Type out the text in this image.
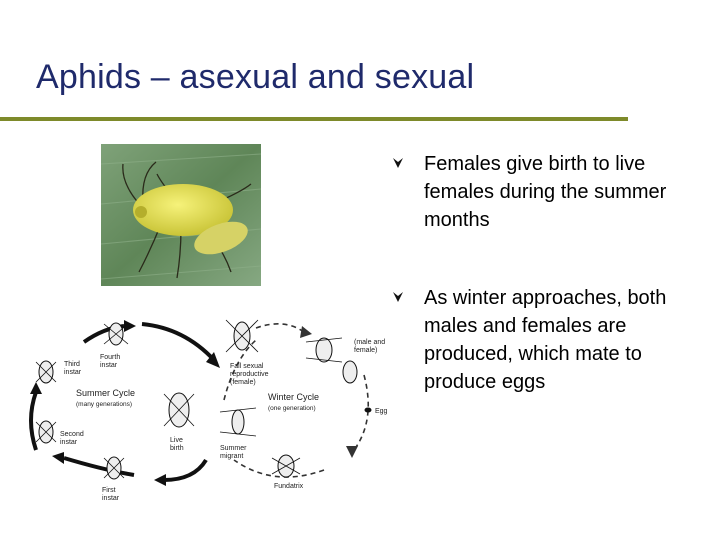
Aphids – asexual and sexual
Summer Cycle
(many generations)
Winter Cycle
(one generation)
Fourth
instar
Third
instar
Second
instar
First
instar
Live
birth
Fall sexual
reproductive
(female)
Summer
migrant
(male and
female)
Egg
Fundatrix
Females give birth to live females during the summer months
As winter approaches, both males and females are produced, which mate to produce eggs
